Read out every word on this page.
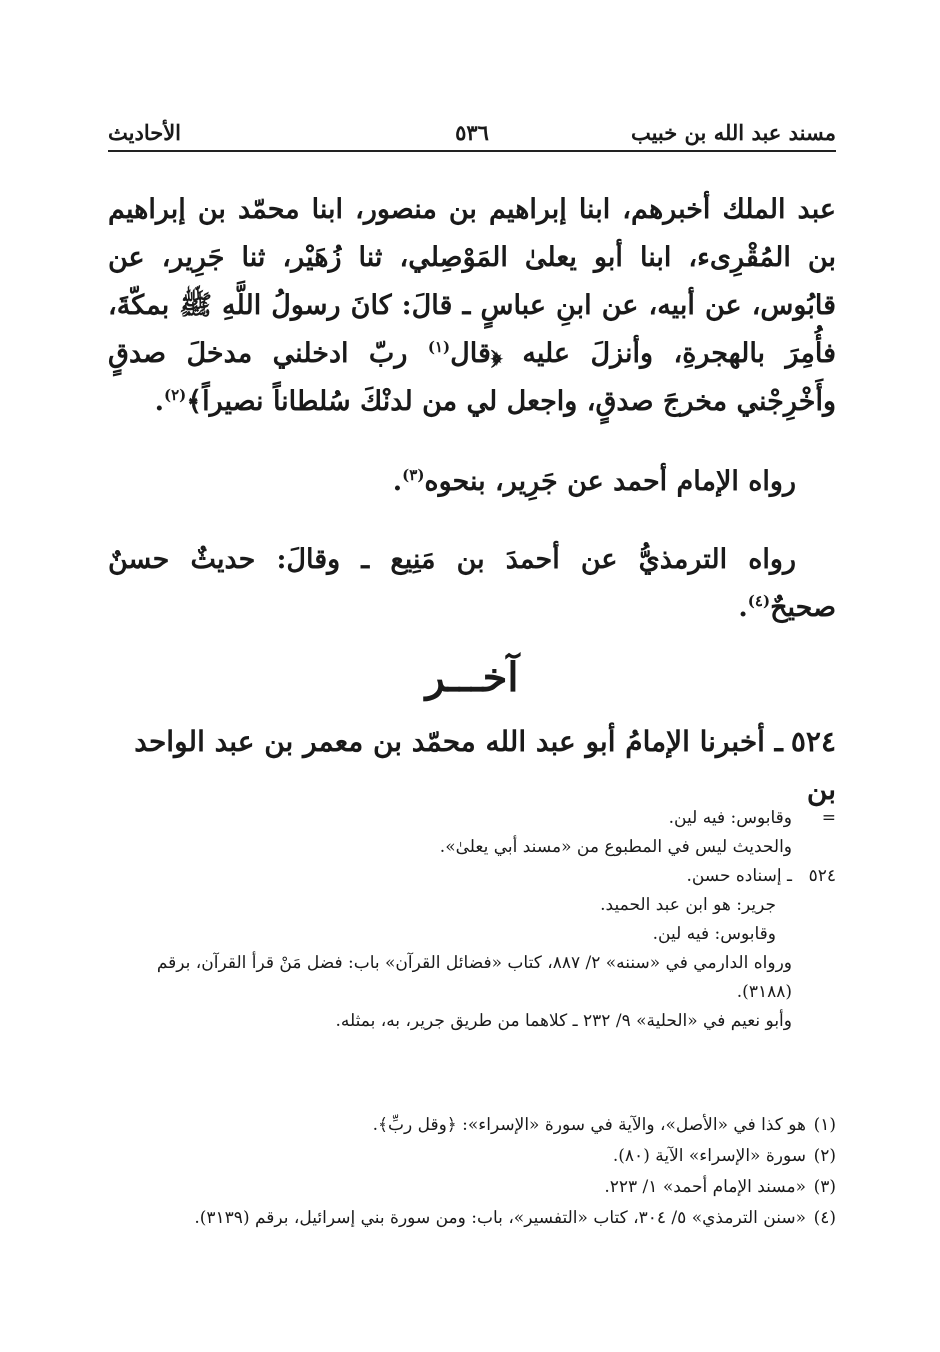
مسند عبد الله بن خبيب
٥٣٦
الأحاديث

عبد الملك أخبرهم، ابنا إبراهيم بن منصور، ابنا محمّد بن إبراهيم بن المُقْرِىء، ابنا أبو يعلىٰ المَوْصِلي، ثنا زُهَيْر، ثنا جَرِير، عن قابُوس، عن أبيه، عن ابنِ عباسٍ ـ قالَ: كانَ رسولُ اللَّهِ ﷺ بمكّةَ، فأُمِرَ بالهجرةِ، وأنزلَ عليه ﴿قال$^{(١)}$ ربّ ادخلني مدخلَ صدقٍ وأَخْرِجْني مخرجَ صدقٍ، واجعل لي من لدنْكَ سُلطاناً نصيراً﴾$^{(٢)}$.

رواه الإمام أحمد عن جَرِير، بنحوه$^{(٣)}$.

رواه الترمذيُّ عن أحمدَ بن مَنِيع ـ وقالَ: حديثٌ حسنٌ صحيحٌ$^{(٤)}$.

آخـــر
٥٢٤ـ أخبرنا الإمامُ أبو عبد الله محمّد بن معمر بن عبد الواحد بن
=
وقابوس: فيه لين.
والحديث ليس في المطبوع من «مسند أبي يعلىٰ».
٥٢٤
ـ إسناده حسن.
جرير: هو ابن عبد الحميد.
وقابوس: فيه لين.
ورواه الدارمي في «سننه» ٢/ ٨٨٧، كتاب «فضائل القرآن» باب: فضل مَنْ قرأ القرآن، برقم (٣١٨٨).
وأبو نعيم في «الحلية» ٩/ ٢٣٢ ـ كلاهما من طريق جرير، به، بمثله.
(١)
هو كذا في «الأصل»، والآية في سورة «الإسراء»: ﴿وقل ربِّ﴾.
(٢)
سورة «الإسراء» الآية (٨٠).
(٣)
«مسند الإمام أحمد» ١/ ٢٢٣.
(٤)
«سنن الترمذي» ٥/ ٣٠٤، كتاب «التفسير»، باب: ومن سورة بني إسرائيل، برقم (٣١٣٩).
